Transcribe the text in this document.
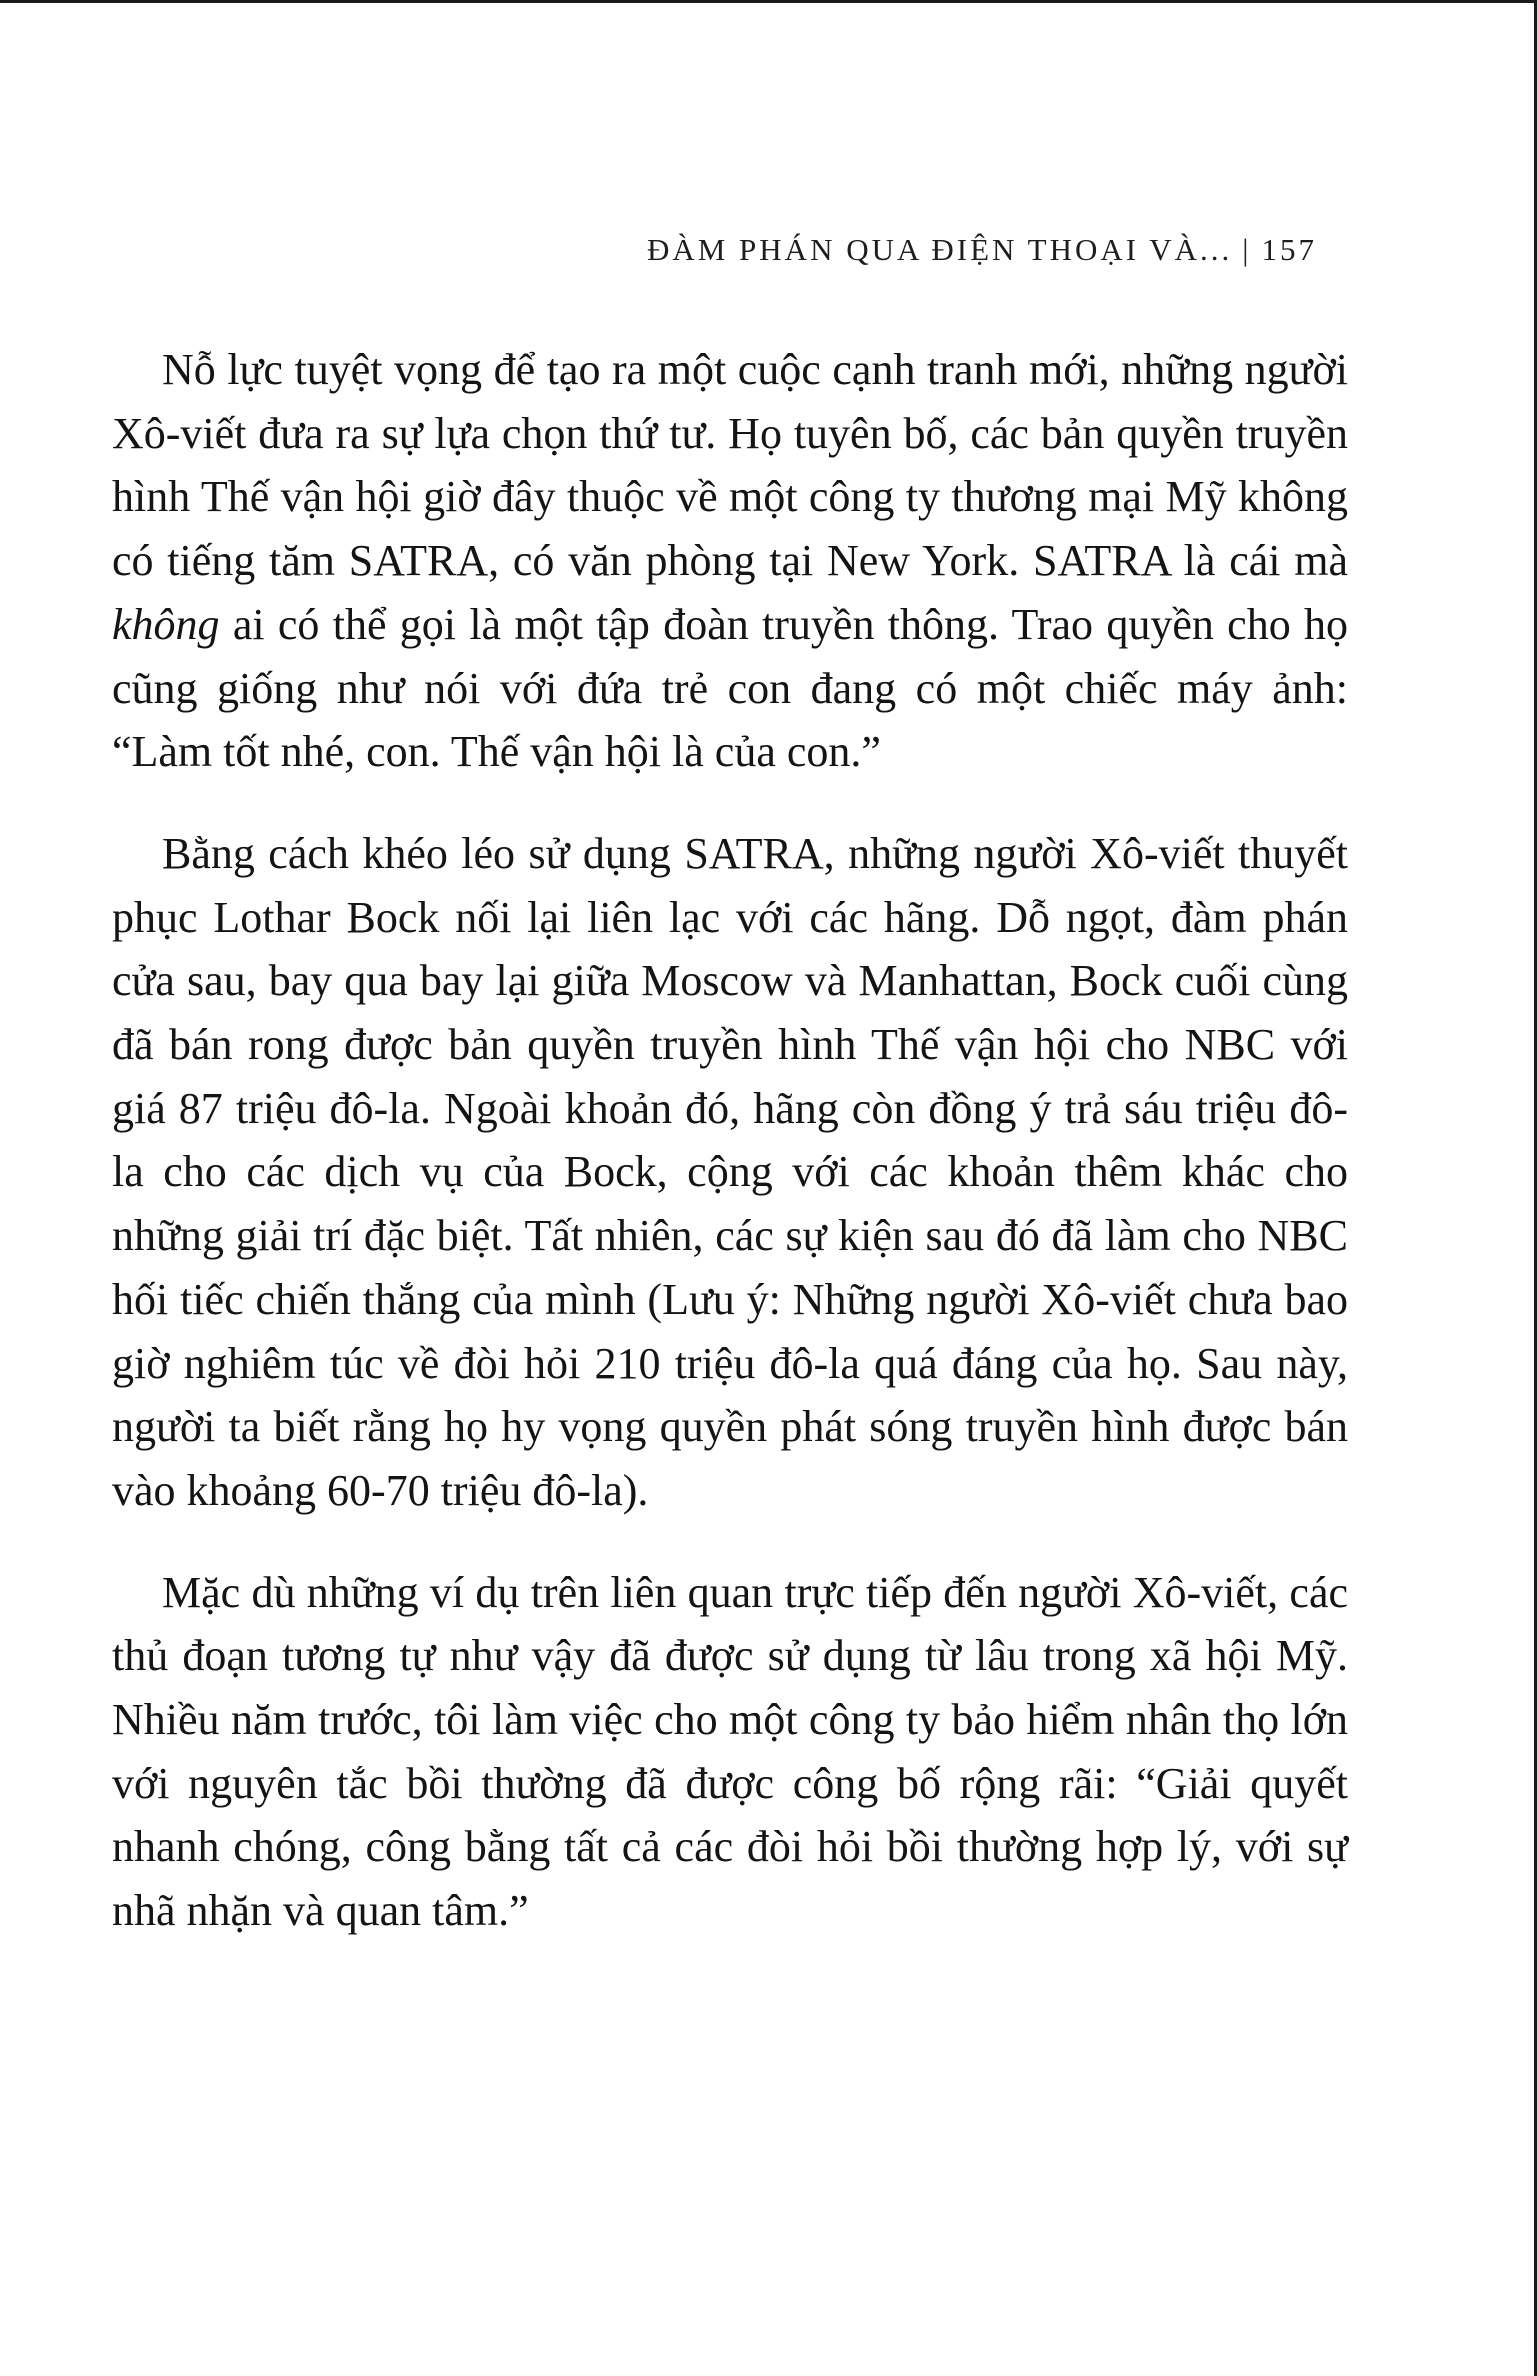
ĐÀM PHÁN QUA ĐIỆN THOẠI VÀ... | 157

Nỗ lực tuyệt vọng để tạo ra một cuộc cạnh tranh mới, những người Xô-viết đưa ra sự lựa chọn thứ tư. Họ tuyên bố, các bản quyền truyền hình Thế vận hội giờ đây thuộc về một công ty thương mại Mỹ không có tiếng tăm SATRA, có văn phòng tại New York. SATRA là cái mà không ai có thể gọi là một tập đoàn truyền thông. Trao quyền cho họ cũng giống như nói với đứa trẻ con đang có một chiếc máy ảnh: “Làm tốt nhé, con. Thế vận hội là của con.”

Bằng cách khéo léo sử dụng SATRA, những người Xô-viết thuyết phục Lothar Bock nối lại liên lạc với các hãng. Dỗ ngọt, đàm phán cửa sau, bay qua bay lại giữa Moscow và Manhattan, Bock cuối cùng đã bán rong được bản quyền truyền hình Thế vận hội cho NBC với giá 87 triệu đô-la. Ngoài khoản đó, hãng còn đồng ý trả sáu triệu đô-la cho các dịch vụ của Bock, cộng với các khoản thêm khác cho những giải trí đặc biệt. Tất nhiên, các sự kiện sau đó đã làm cho NBC hối tiếc chiến thắng của mình (Lưu ý: Những người Xô-viết chưa bao giờ nghiêm túc về đòi hỏi 210 triệu đô-la quá đáng của họ. Sau này, người ta biết rằng họ hy vọng quyền phát sóng truyền hình được bán vào khoảng 60-70 triệu đô-la).

Mặc dù những ví dụ trên liên quan trực tiếp đến người Xô-viết, các thủ đoạn tương tự như vậy đã được sử dụng từ lâu trong xã hội Mỹ. Nhiều năm trước, tôi làm việc cho một công ty bảo hiểm nhân thọ lớn với nguyên tắc bồi thường đã được công bố rộng rãi: “Giải quyết nhanh chóng, công bằng tất cả các đòi hỏi bồi thường hợp lý, với sự nhã nhặn và quan tâm.”
